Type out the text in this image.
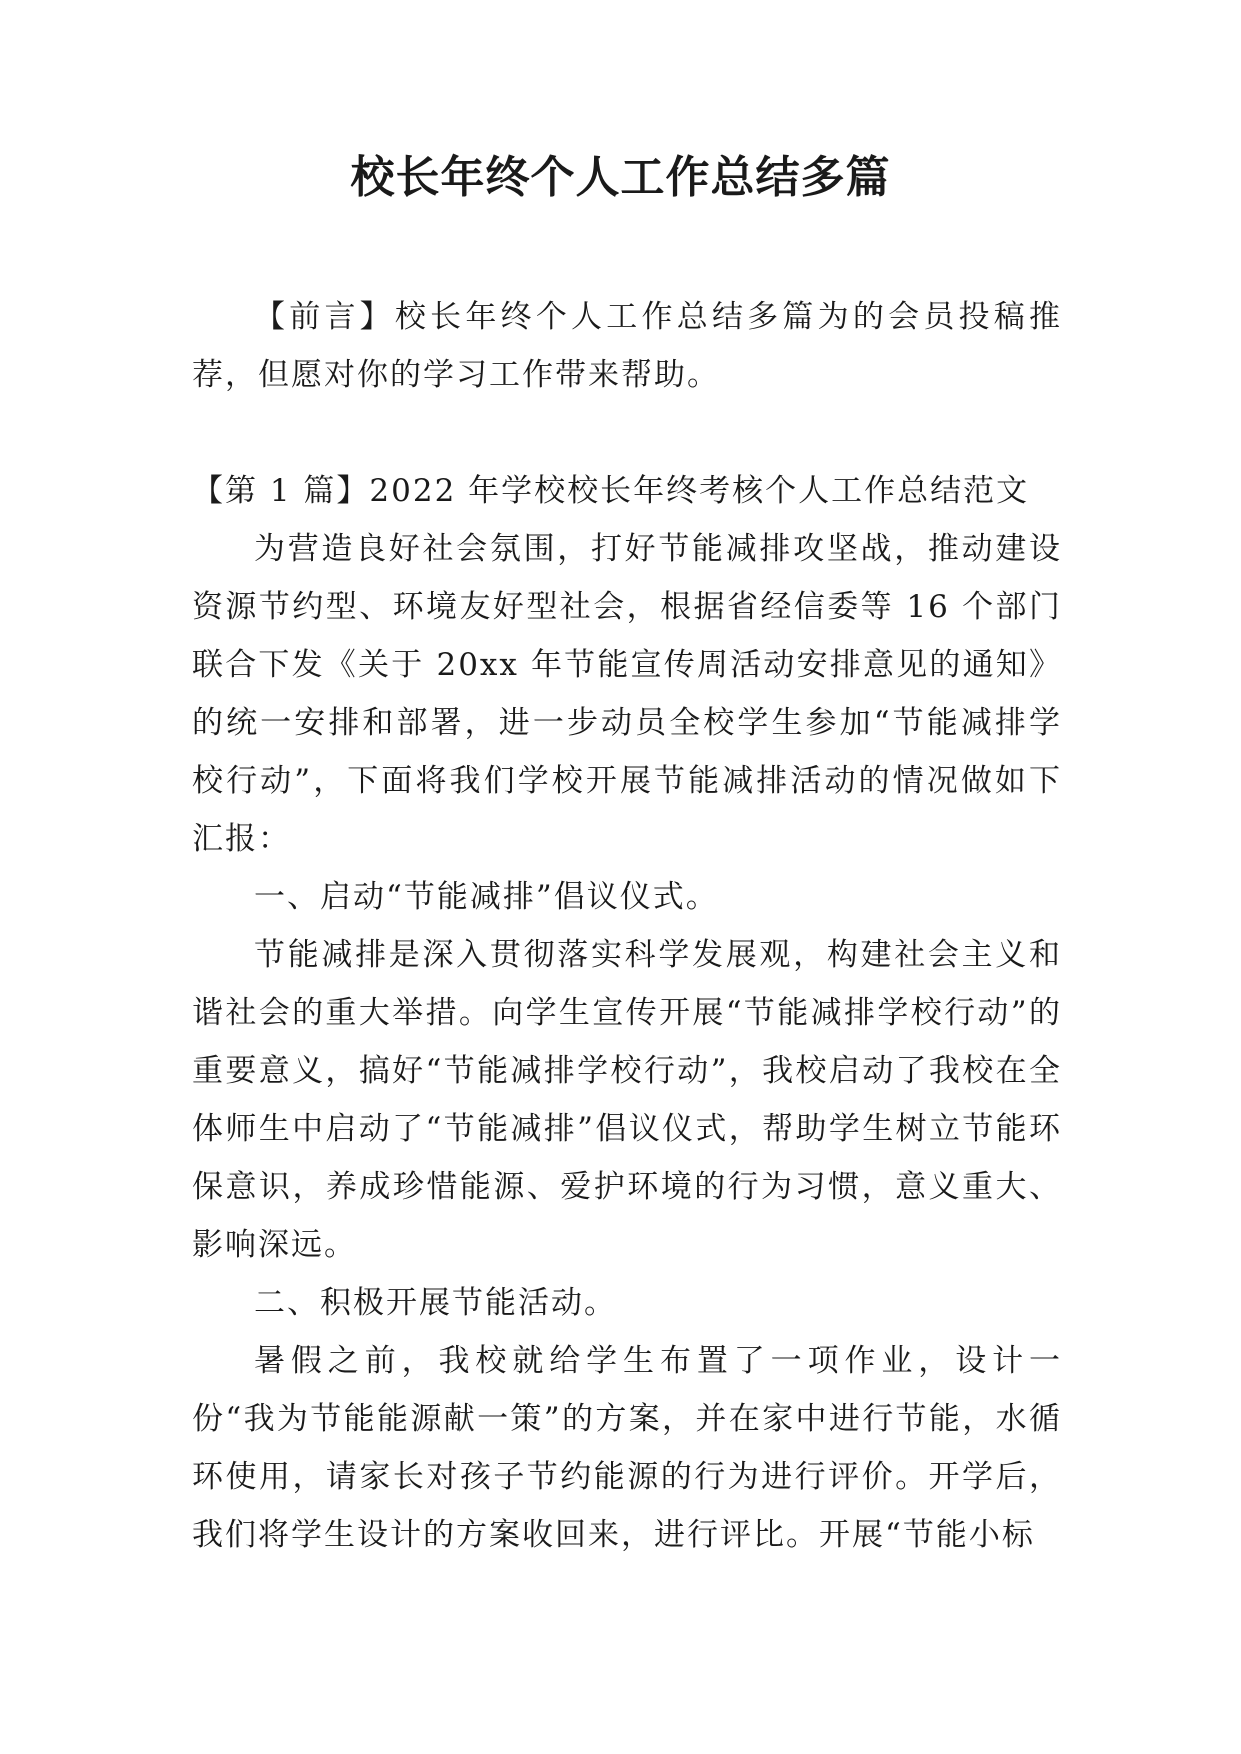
校长年终个人工作总结多篇

【前言】校长年终个人工作总结多篇为的会员投稿推荐，但愿对你的学习工作带来帮助。

【第 1 篇】2022 年学校校长年终考核个人工作总结范文

为营造良好社会氛围，打好节能减排攻坚战，推动建设资源节约型、环境友好型社会，根据省经信委等 16 个部门联合下发《关于 20xx 年节能宣传周活动安排意见的通知》的统一安排和部署，进一步动员全校学生参加“节能减排学校行动”，下面将我们学校开展节能减排活动的情况做如下汇报：

一、启动“节能减排”倡议仪式。

节能减排是深入贯彻落实科学发展观，构建社会主义和谐社会的重大举措。向学生宣传开展“节能减排学校行动”的重要意义，搞好“节能减排学校行动”，我校启动了我校在全体师生中启动了“节能减排”倡议仪式，帮助学生树立节能环保意识，养成珍惜能源、爱护环境的行为习惯，意义重大、影响深远。

二、积极开展节能活动。

暑假之前，我校就给学生布置了一项作业，设计一份“我为节能能源献一策”的方案，并在家中进行节能，水循环使用，请家长对孩子节约能源的行为进行评价。开学后，我们将学生设计的方案收回来，进行评比。开展“节能小标
